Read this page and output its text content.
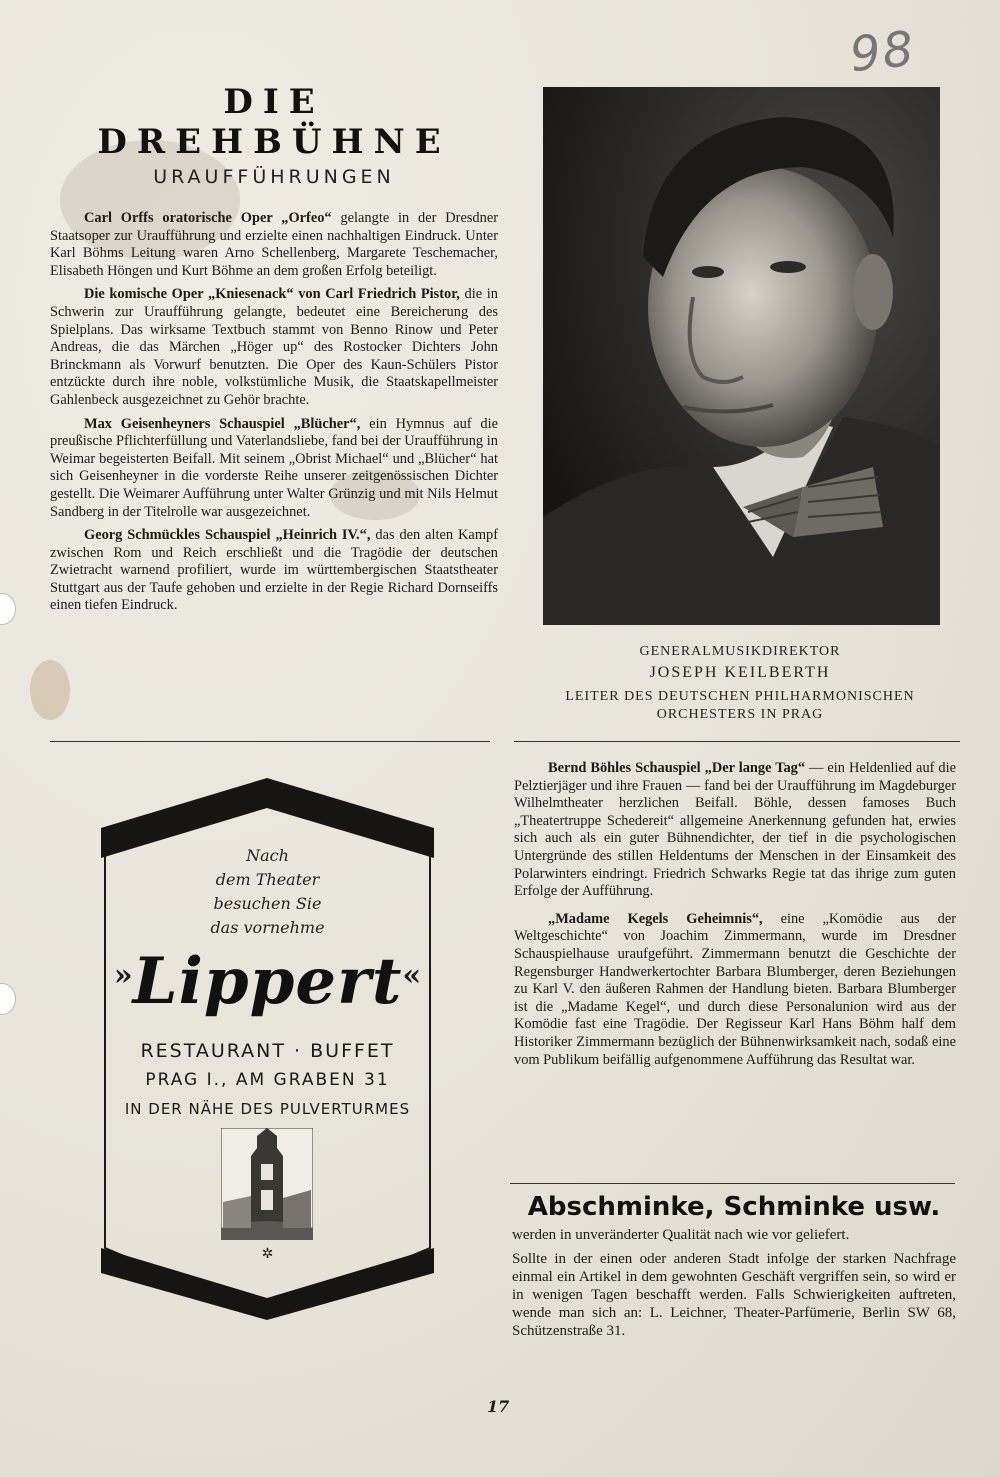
98
DIE DREHBÜHNE
URAUFFÜHRUNGEN

Carl Orffs oratorische Oper „Orfeo“ gelangte in der Dresdner Staatsoper zur Uraufführung und erzielte einen nachhaltigen Eindruck. Unter Karl Böhms Leitung waren Arno Schellenberg, Margarete Teschemacher, Elisabeth Höngen und Kurt Böhme an dem großen Erfolg beteiligt.

Die komische Oper „Kniesenack“ von Carl Friedrich Pistor, die in Schwerin zur Uraufführung gelangte, bedeutet eine Bereicherung des Spielplans. Das wirksame Textbuch stammt von Benno Rinow und Peter Andreas, die das Märchen „Höger up“ des Rostocker Dichters John Brinckmann als Vorwurf benutzten. Die Oper des Kaun-Schülers Pistor entzückte durch ihre noble, volkstümliche Musik, die Staatskapellmeister Gahlenbeck ausgezeichnet zu Gehör brachte.

Max Geisenheyners Schauspiel „Blücher“, ein Hymnus auf die preußische Pflichterfüllung und Vaterlandsliebe, fand bei der Uraufführung in Weimar begeisterten Beifall. Mit seinem „Obrist Michael“ und „Blücher“ hat sich Geisenheyner in die vorderste Reihe unserer zeitgenössischen Dichter gestellt. Die Weimarer Aufführung unter Walter Grünzig und mit Nils Helmut Sandberg in der Titelrolle war ausgezeichnet.

Georg Schmückles Schauspiel „Heinrich IV.“, das den alten Kampf zwischen Rom und Reich erschließt und die Tragödie der deutschen Zwietracht warnend profiliert, wurde im württembergischen Staatstheater Stuttgart aus der Taufe gehoben und erzielte in der Regie Richard Dornseiffs einen tiefen Eindruck.

GENERALMUSIKDIREKTOR
JOSEPH KEILBERTH
LEITER DES DEUTSCHEN PHILHARMONISCHEN
ORCHESTERS IN PRAG

Bernd Böhles Schauspiel „Der lange Tag“ — ein Heldenlied auf die Pelztierjäger und ihre Frauen — fand bei der Uraufführung im Magdeburger Wilhelmtheater herzlichen Beifall. Böhle, dessen famoses Buch „Theatertruppe Schedereit“ allgemeine Anerkennung gefunden hat, erwies sich auch als ein guter Bühnendichter, der tief in die psychologischen Untergründe des stillen Heldentums der Menschen in der Einsamkeit des Polarwinters eindringt. Friedrich Schwarks Regie tat das ihrige zum guten Erfolge der Aufführung.

„Madame Kegels Geheimnis“, eine „Komödie aus der Weltgeschichte“ von Joachim Zimmermann, wurde im Dresdner Schauspielhause uraufgeführt. Zimmermann benutzt die Geschichte der Regensburger Handwerkertochter Barbara Blumberger, deren Beziehungen zu Karl V. den äußeren Rahmen der Handlung bieten. Barbara Blumberger ist die „Madame Kegel“, und durch diese Personalunion wird aus der Komödie fast eine Tragödie. Der Regisseur Karl Hans Böhm half dem Historiker Zimmermann bezüglich der Bühnenwirksamkeit nach, sodaß eine vom Publikum beifällig aufgenommene Aufführung das Resultat war.

Abschminke, Schminke usw.

werden in unveränderter Qualität nach wie vor geliefert.

Sollte in der einen oder anderen Stadt infolge der starken Nachfrage einmal ein Artikel in dem gewohnten Geschäft vergriffen sein, so wird er in wenigen Tagen beschafft werden. Falls Schwierigkeiten auftreten, wende man sich an: L. Leichner, Theater-Parfümerie, Berlin SW 68, Schützenstraße 31.

Nach
dem Theater
besuchen Sie
das vornehme
»Lippert«
RESTAURANT · BUFFET
PRAG I., AM GRABEN 31
IN DER NÄHE DES PULVERTURMES
✲
17
